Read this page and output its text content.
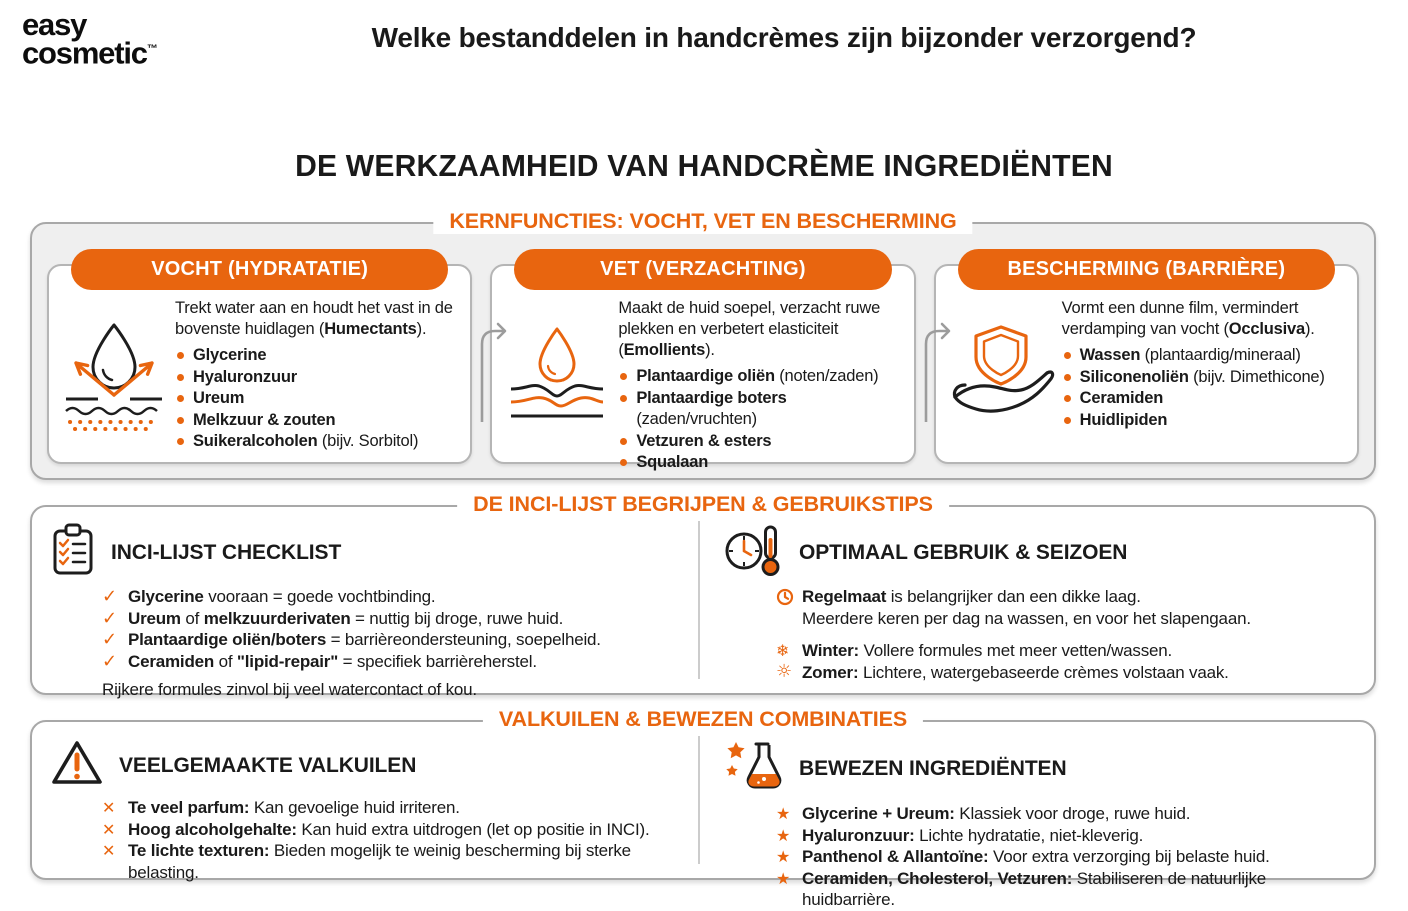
easy
cosmetic™	Welke bestanddelen in handcrèmes zijn bijzonder verzorgend?
DE WERKZAAMHEID VAN HANDCRÈME INGREDIËNTEN
KERNFUNCTIES: VOCHT, VET EN BESCHERMING
VOCHT (HYDRATATIE)

Trekt water aan en houdt het vast in de bovenste huidlagen (Humectants).

Glycerine
Hyaluronzuur
Ureum
Melkzuur & zouten
Suikeralcoholen (bijv. Sorbitol)
VET (VERZACHTING)

Maakt de huid soepel, verzacht ruwe plekken en verbetert elasticiteit (Emollients).

Plantaardige oliën (noten/zaden)
Plantaardige boters (zaden/vruchten)
Vetzuren & esters
Squalaan
BESCHERMING (BARRIÈRE)

Vormt een dunne film, vermindert verdamping van vocht (Occlusiva).

Wassen (plantaardig/mineraal)
Siliconenoliën (bijv. Dimethicone)
Ceramiden
Huidlipiden
DE INCI-LIJST BEGRIJPEN & GEBRUIKSTIPS
INCI-LIJST CHECKLIST
✓ Glycerine vooraan = goede vochtbinding.
✓ Ureum of melkzuurderivaten = nuttig bij droge, ruwe huid.
✓ Plantaardige oliën/boters = barrièreondersteuning, soepelheid.
✓ Ceramiden of "lipid-repair" = specifiek barrièreherstel.
Rijkere formules zinvol bij veel watercontact of kou.
OPTIMAAL GEBRUIK & SEIZOEN
Regelmaat is belangrijker dan een dikke laag.
Meerdere keren per dag na wassen, en voor het slapengaan.
❄ Winter: Vollere formules met meer vetten/wassen.
☼ Zomer: Lichtere, watergebaseerde crèmes volstaan vaak.
VALKUILEN & BEWEZEN COMBINATIES
VEELGEMAAKTE VALKUILEN
✕ Te veel parfum: Kan gevoelige huid irriteren.
✕ Hoog alcoholgehalte: Kan huid extra uitdrogen (let op positie in INCI).
✕ Te lichte texturen: Bieden mogelijk te weinig bescherming bij sterke belasting.
BEWEZEN INGREDIËNTEN
★ Glycerine + Ureum: Klassiek voor droge, ruwe huid.
★ Hyaluronzuur: Lichte hydratatie, niet-kleverig.
★ Panthenol & Allantoïne: Voor extra verzorging bij belaste huid.
★ Ceramiden, Cholesterol, Vetzuren: Stabiliseren de natuurlijke huidbarrière.
